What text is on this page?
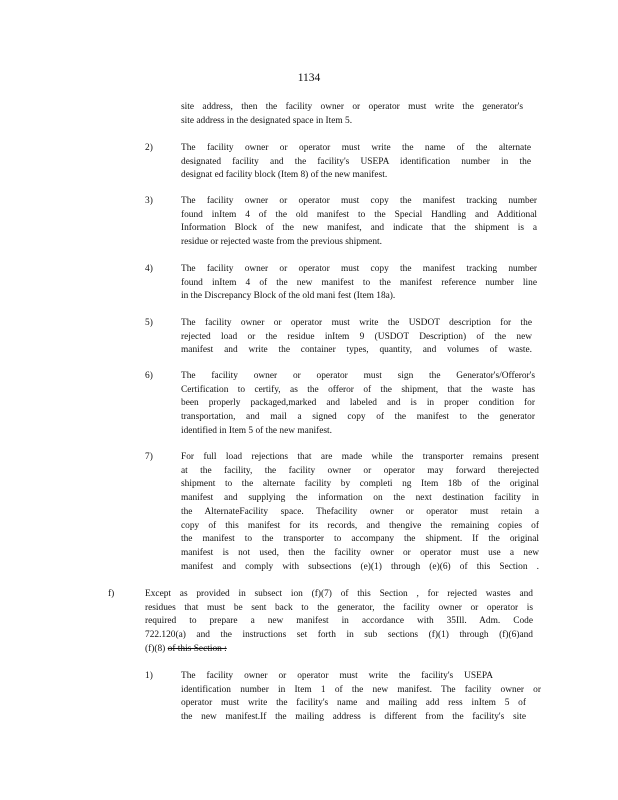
1134
site address, then the facility owner or operator must write the generator's
site address in the designated space in Item 5.
2)	The facility owner or operator must write the name of the alternate
designated facility and the facility's USEPA identification number in the
designat ed facility block (Item 8) of the new manifest.
3)	The facility owner or operator must copy the manifest tracking number
found inItem 4 of the old manifest to the Special Handling and Additional
Information Block of the new manifest, and indicate that the shipment is a
residue or rejected waste from the previous shipment.
4)	The facility owner or operator must copy the manifest tracking number
found inItem 4 of the new manifest to the manifest reference number line
in the Discrepancy Block of the old mani fest (Item 18a).
5)	The facility owner or operator must write the USDOT description for the
rejected load or the residue inItem 9 (USDOT Description) of the new
manifest and write the container types, quantity, and volumes of waste.
6)	The facility owner or operator must sign the Generator's/Offeror's
Certification to certify, as the offeror of the shipment, that the waste has
been properly packaged,marked and labeled and is in proper condition for
transportation, and mail a signed copy of the manifest to the generator
identified in Item 5 of the new manifest.
7)	For full load rejections that are made while the transporter remains present
at the facility, the facility owner or operator may forward therejected
shipment to the alternate facility by completi ng Item 18b of the original
manifest and supplying the information on the next destination facility in
the AlternateFacility space. Thefacility owner or operator must retain a
copy of this manifest for its records, and thengive the remaining copies of
the manifest to the transporter to accompany the shipment. If the original
manifest is not used, then the facility owner or operator must use a new
manifest and comply with subsections (e)(1) through (e)(6) of this Section .
f)	Except as provided in subsect ion (f)(7) of this Section , for rejected wastes and
residues that must be sent back to the generator, the facility owner or operator is
required to prepare a new manifest in accordance with 35Ill. Adm. Code
722.120(a) and the instructions set forth in sub sections (f)(1) through (f)(6)and
(f)(8) of this Section :
1)	The facility owner or operator must write the facility's USEPA
identification number in Item 1 of the new manifest. The facility owner or
operator must write the facility's name and mailing add ress inItem 5 of
the new manifest.If the mailing address is different from the facility's site
